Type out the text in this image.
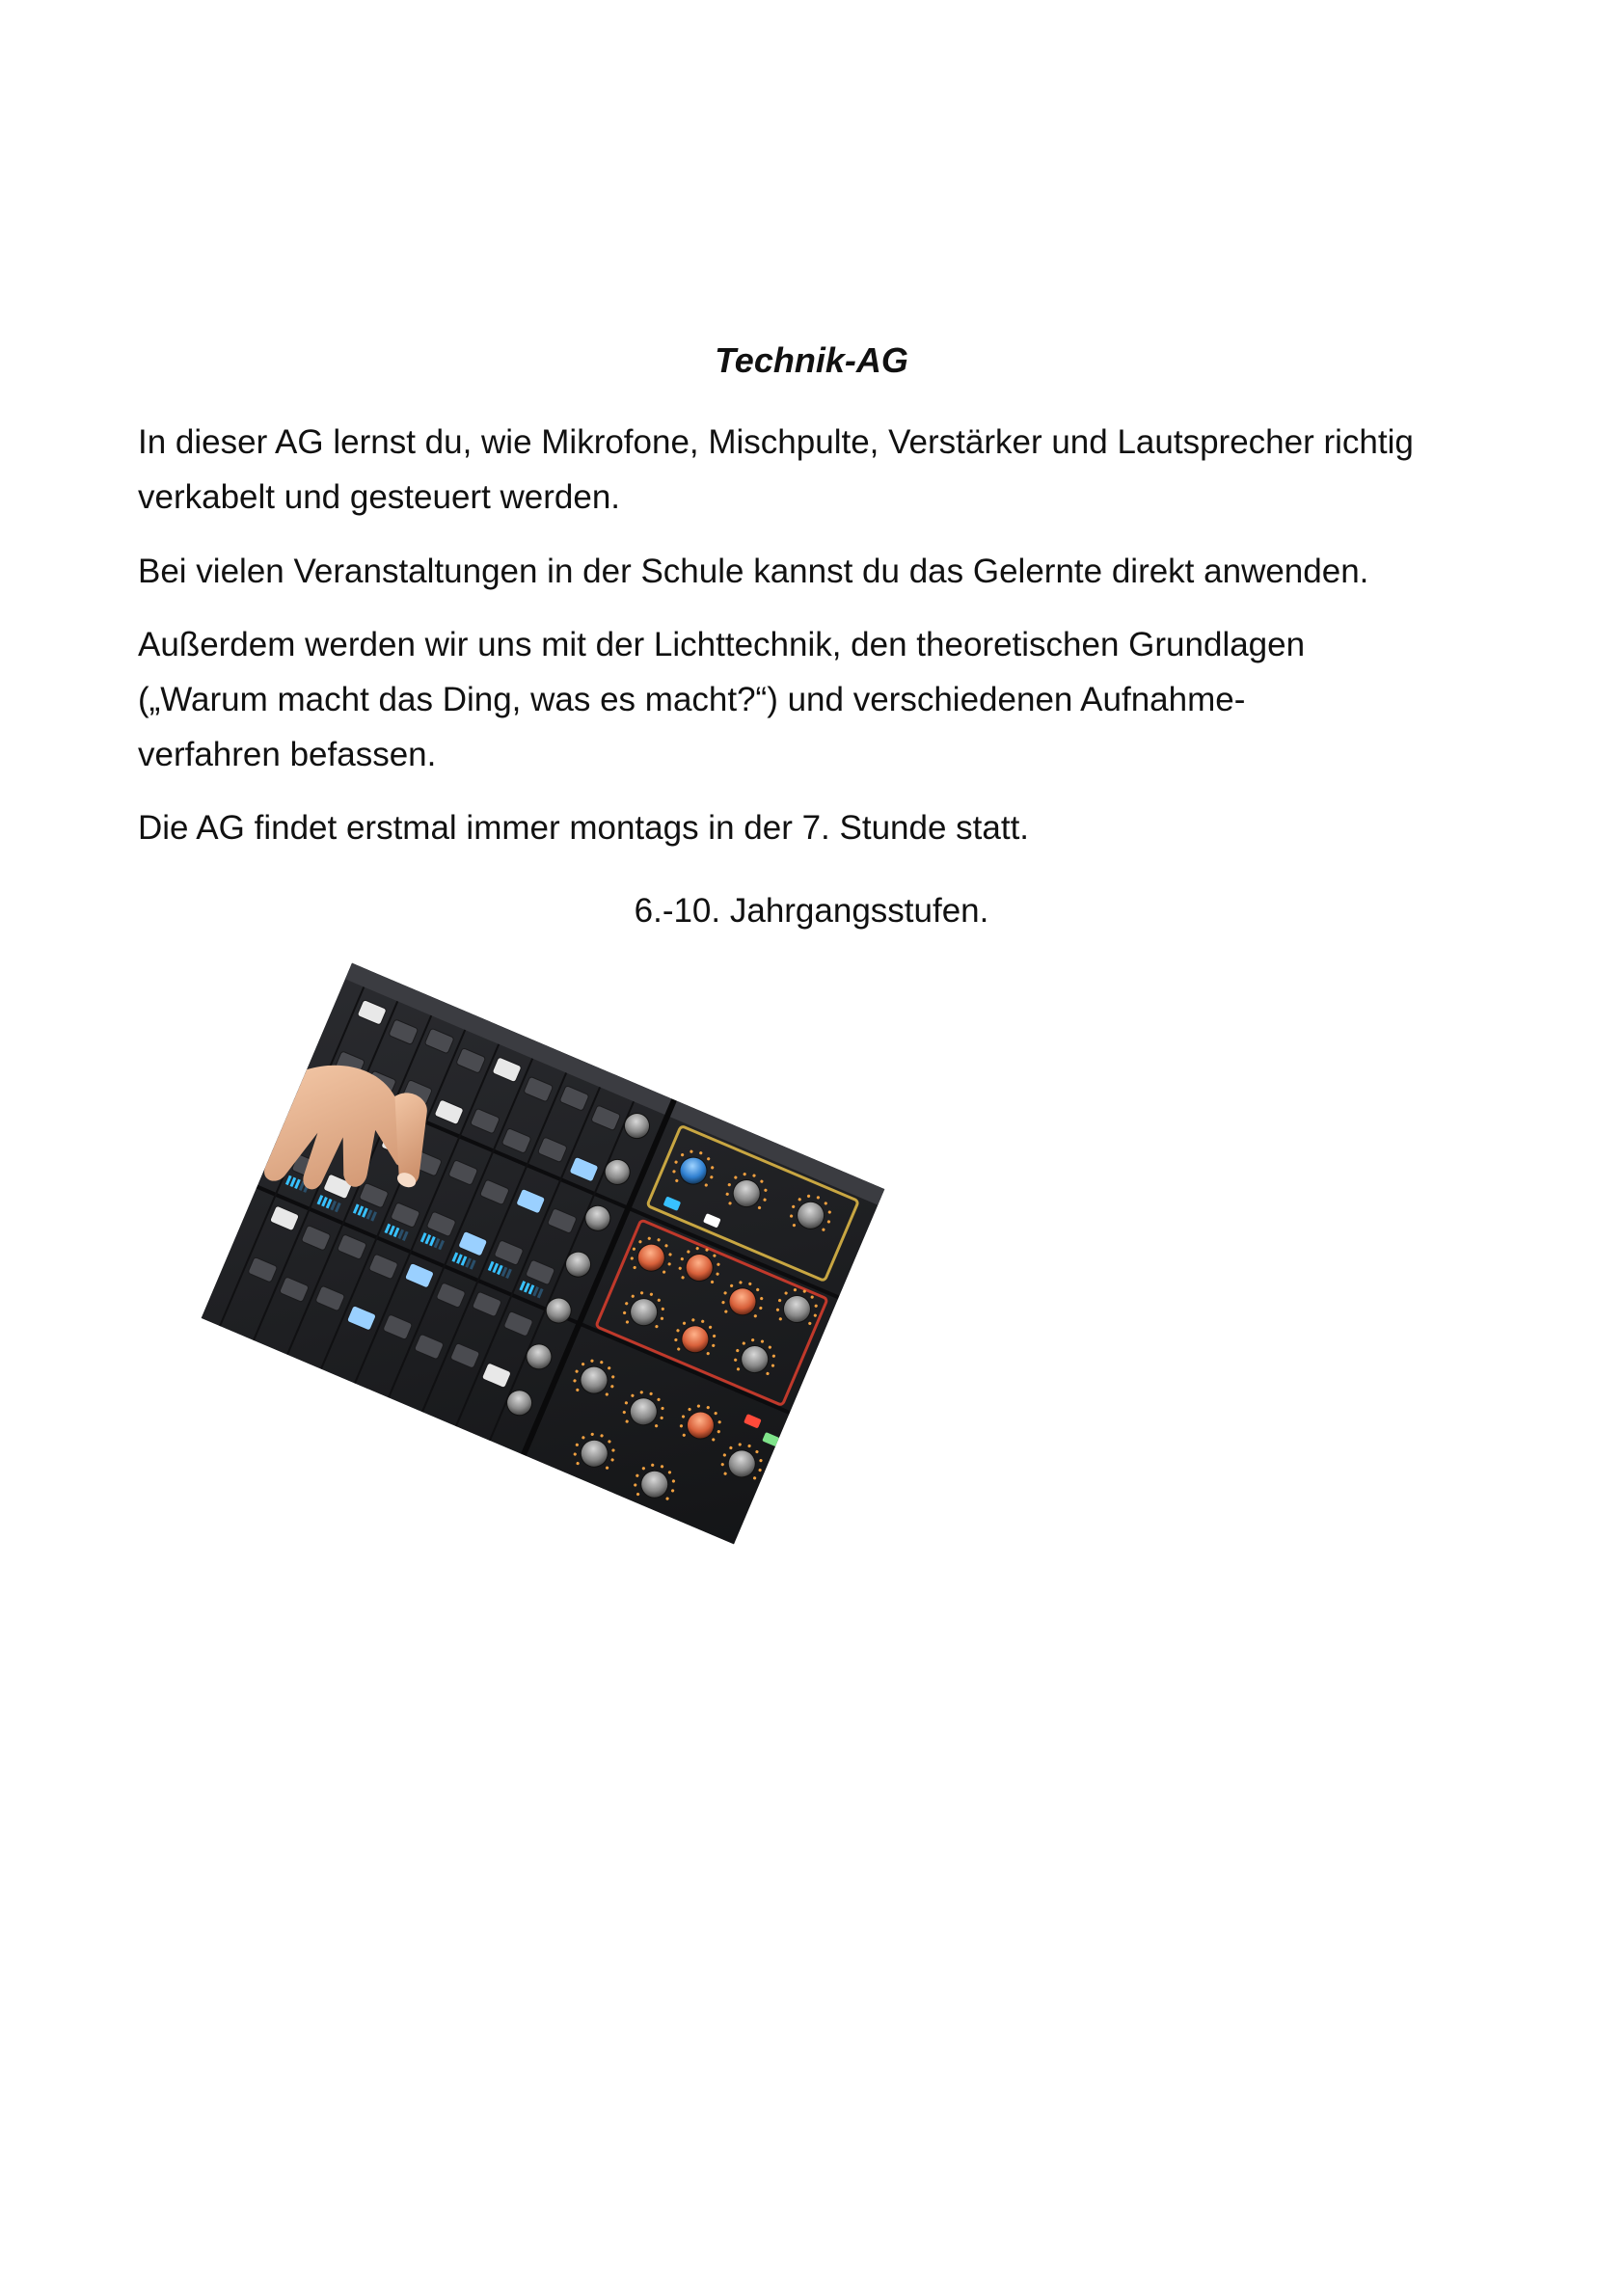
Technik-AG

In dieser AG lernst du, wie Mikrofone, Mischpulte, Verstärker und Lautsprecher richtig verkabelt und gesteuert werden.

Bei vielen Veranstaltungen in der Schule kannst du das Gelernte direkt anwenden.

Außerdem werden wir uns mit der Lichttechnik, den theoretischen Grundlagen („Warum macht das Ding, was es macht?“) und verschiedenen Aufnahme-verfahren befassen.

Die AG findet erstmal immer montags in der 7. Stunde statt.

6.-10. Jahrgangsstufen.
